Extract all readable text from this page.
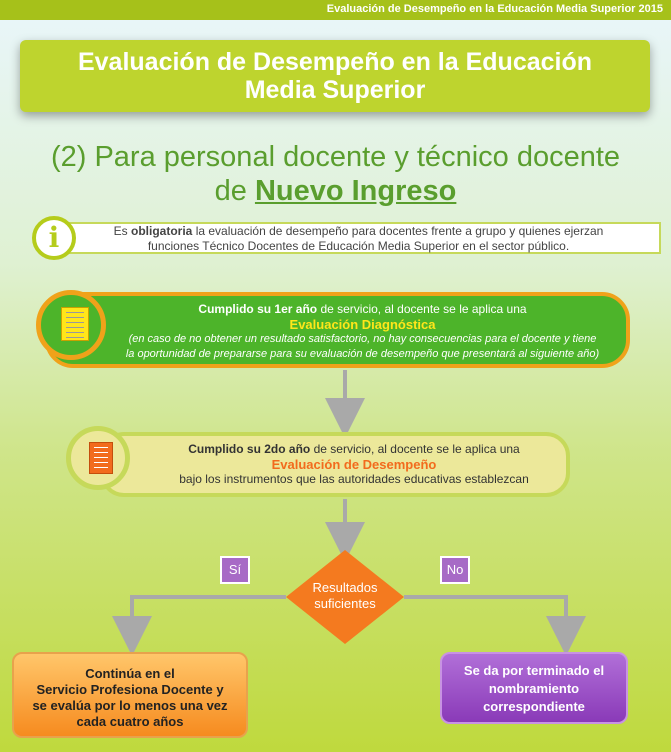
Evaluación de Desempeño en la Educación Media Superior 2015
Evaluación de Desempeño en la Educación
Media Superior
(2) Para personal docente y técnico docente
de Nuevo Ingreso
Es obligatoria la evaluación de desempeño para docentes frente a grupo y quienes ejerzan
funciones Técnico Docentes de Educación Media Superior en el sector público.
i
Cumplido su 1er año de servicio, al docente se le aplica una
Evaluación Diagnóstica
(en caso de no obtener un resultado satisfactorio, no hay consecuencias para el docente y tiene
la oportunidad de prepararse para su evaluación de desempeño que presentará al siguiente año)
Cumplido su 2do año de servicio, al docente se le aplica una
Evaluación de Desempeño
bajo los instrumentos que las autoridades educativas establezcan
Sí	No
Resultados
suficientes
Continúa en el
Servicio Profesiona Docente y
se evalúa por lo menos una vez
cada cuatro años
Se da por terminado el
nombramiento
correspondiente
